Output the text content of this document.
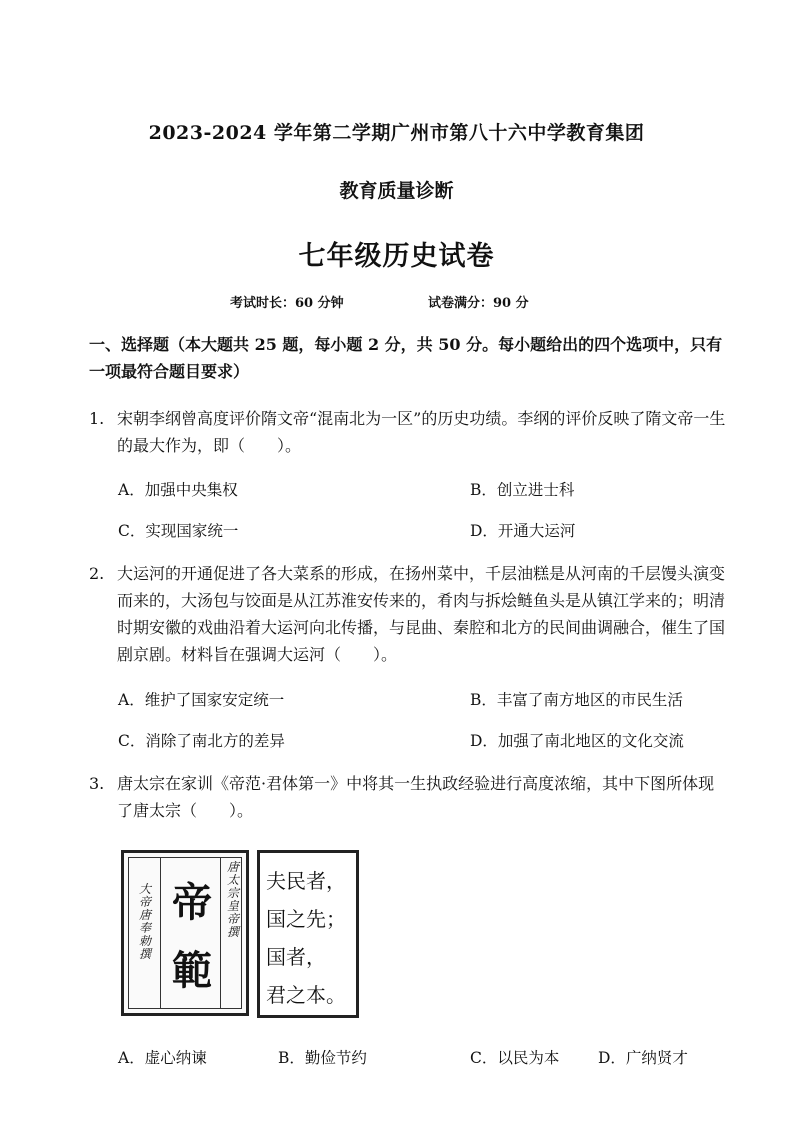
2023-2024 学年第二学期广州市第八十六中学教育集团
教育质量诊断
七年级历史试卷
考试时长：60 分钟	试卷满分：90 分
一、选择题（本大题共 25 题，每小题 2 分，共 50 分。每小题给出的四个选项中，只有一项最符合题目要求）
1. 宋朝李纲曾高度评价隋文帝“混南北为一区”的历史功绩。李纲的评价反映了隋文帝一生的最大作为，即（　　）。
A．加强中央集权	B．创立进士科
C．实现国家统一	D．开通大运河
2. 大运河的开通促进了各大菜系的形成，在扬州菜中，千层油糕是从河南的千层馒头演变而来的，大汤包与饺面是从江苏淮安传来的，肴肉与拆烩鲢鱼头是从镇江学来的；明清时期安徽的戏曲沿着大运河向北传播，与昆曲、秦腔和北方的民间曲调融合，催生了国剧京剧。材料旨在强调大运河（　　）。
A．维护了国家安定统一	B．丰富了南方地区的市民生活
C．消除了南北方的差异	D．加强了南北地区的文化交流
3. 唐太宗在家训《帝范·君体第一》中将其一生执政经验进行高度浓缩，其中下图所体现了唐太宗（　　）。
大帝唐奉勅撰
唐太宗皇帝撰
帝
範
夫民者，
国之先；
国者，
君之本。
A．虚心纳谏	B．勤俭节约	C．以民为本 D．广纳贤才
